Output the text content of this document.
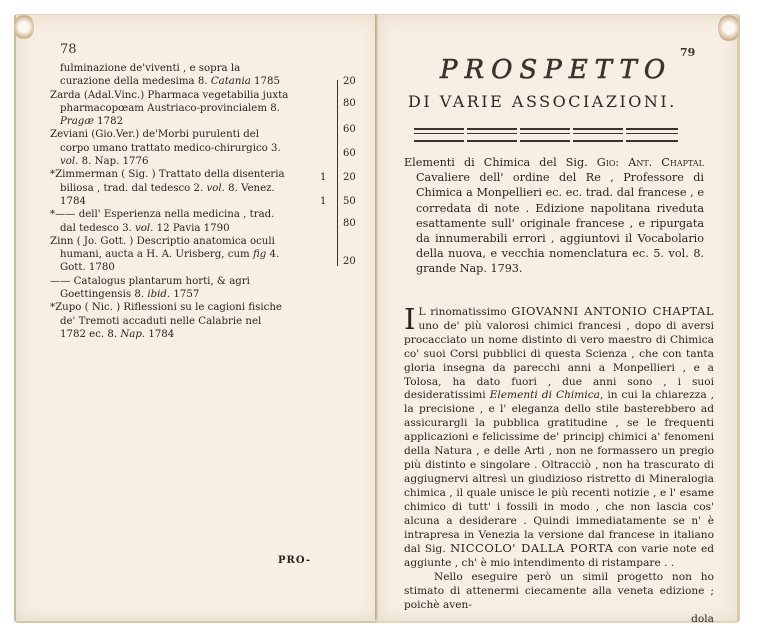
78
fulminazione de'viventi , e sopra la curazione della medesima 8. Catania 1785
Zarda (Adal.Vinc.) Pharmaca vegetabilia juxta pharmacopœam Austriaco-provincialem 8. Pragæ 1782
Zeviani (Gio.Ver.) de'Morbi purulenti del corpo umano trattato medico-chirurgico 3. vol. 8. Nap. 1776
*Zimmerman ( Sig. ) Trattato della disenteria biliosa , trad. dal tedesco 2. vol. 8. Venez. 1784
*—— dell' Esperienza nella medicina , trad. dal tedesco 3. vol. 12 Pavia 1790
Zinn ( Jo. Gott. ) Descriptio anatomica oculi humani, aucta a H. A. Urisberg, cum fig 4. Gott. 1780
—— Catalogus plantarum horti, & agri Goettingensis 8. ibid. 1757
*Zupo ( Nic. ) Riflessioni su le cagioni fisiche de' Tremoti accaduti nelle Calabrie nel 1782 ec. 8. Nap. 1784
20
80
60
60
20
50
80
20
1
1
PRO-
79
PROSPETTO
DI VARIE ASSOCIAZIONI.
Elementi di Chimica del Sig. Gio: Ant. Chaptal Cavaliere dell' ordine del Re , Professore di Chimica a Monpellieri ec. ec. trad. dal francese , e corredata di note . Edizione napolitana riveduta esattamente sull' originale francese , e ripurgata da innumerabili errori , aggiuntovi il Vocabolario della nuova, e vecchia nomenclatura ec. 5. vol. 8. grande Nap. 1793.
I L rinomatissimo GIOVANNI ANTONIO CHAPTAL uno de' più valorosi chimici francesi , dopo di aversi procacciato un nome distinto di vero maestro di Chimica co' suoi Corsi pubblici di questa Scienza , che con tanta gloria insegna da parecchi anni a Monpellieri , e a Tolosa, ha dato fuori , due anni sono , i suoi desideratissimi Elementi di Chimica, in cui la chiarezza , la precisione , e l' eleganza dello stile basterebbero ad assicurargli la pubblica gratitudine , se le frequenti applicazioni e felicissime de' principj chimici a' fenomeni della Natura , e delle Arti , non ne formassero un pregio più distinto e singolare . Oltracciò , non ha trascurato di aggiugnervi altresì un giudizioso ristretto di Mineralogia chimica , il quale unisce le più recenti notizie , e l' esame chimico di tutt' i fossili in modo , che non lascia cos' alcuna a desiderare . Quindi immediatamente se n' è intrapresa in Venezia la versione dal francese in italiano dal Sig. NICCOLO' DALLA PORTA con varie note ed aggiunte , ch' è mio intendimento di ristampare . .
Nello eseguire però un simil progetto non ho stimato di attenermi ciecamente alla veneta edizione ; poichè aven-
dola
